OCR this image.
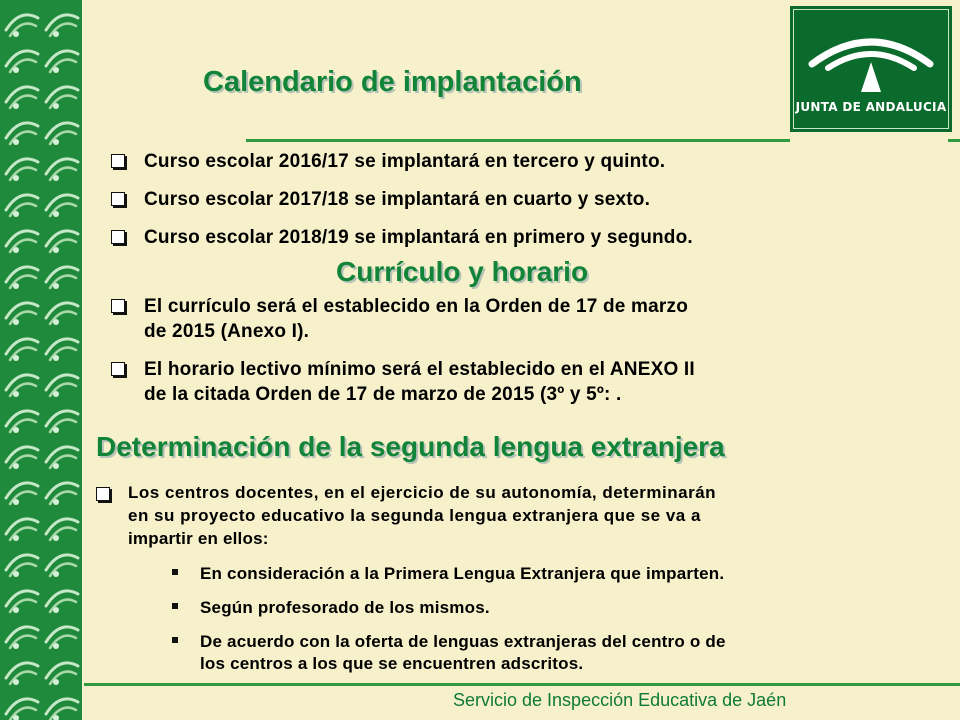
JUNTA DE ANDALUCIA
Calendario de implantación
Curso escolar 2016/17 se implantará en tercero y quinto.
Curso escolar 2017/18 se implantará en cuarto y sexto.
Curso escolar 2018/19 se implantará en primero y segundo.
Currículo y horario
El currículo será el establecido en la Orden de 17 de marzo
de 2015 (Anexo I).
El horario lectivo mínimo será el establecido en el ANEXO II
de la citada Orden de 17 de marzo de 2015 (3º y 5º: .
Determinación de la segunda lengua extranjera
Los centros docentes, en el ejercicio de su autonomía, determinarán
en su proyecto educativo la segunda lengua extranjera que se va a
impartir en ellos:
En consideración a la Primera Lengua Extranjera que imparten.
Según profesorado de los mismos.
De acuerdo con la oferta de lenguas extranjeras del centro o de
los centros a los que se encuentren adscritos.
Servicio de Inspección Educativa de Jaén
